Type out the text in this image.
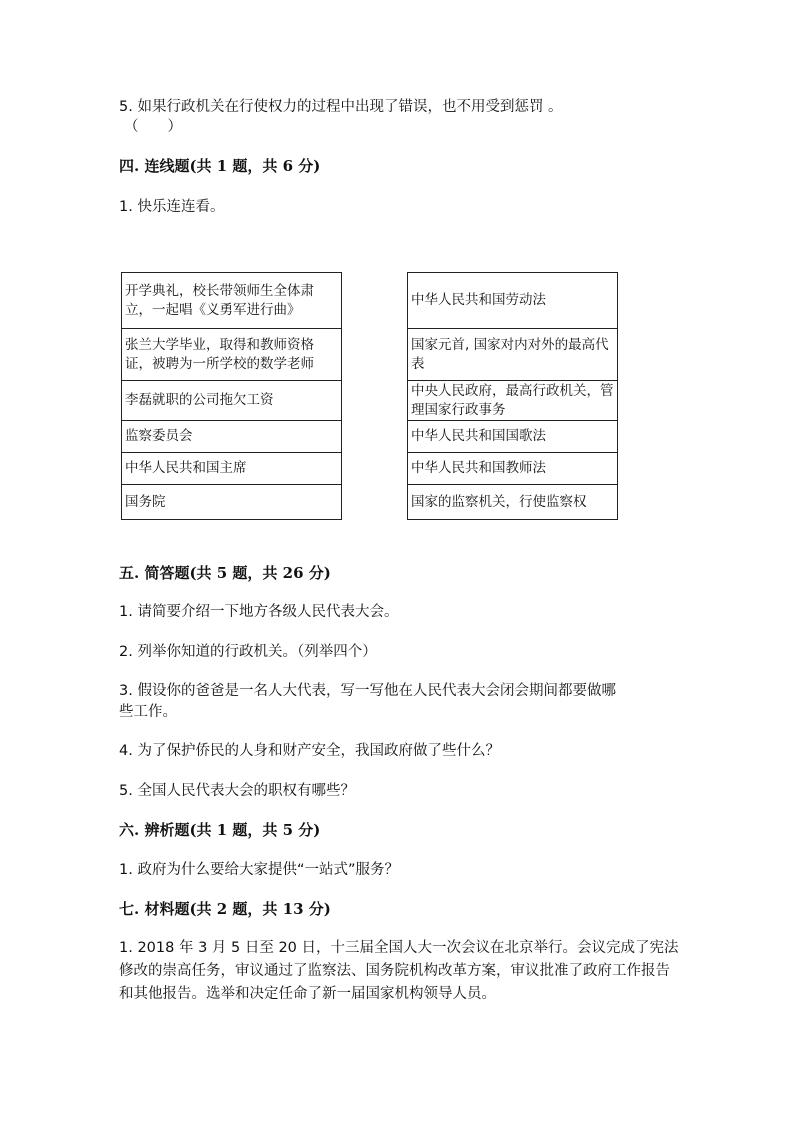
5. 如果行政机关在行使权力的过程中出现了错误，也不用受到惩罚 。
（　　）
四. 连线题(共 1 题，共 6 分)
1. 快乐连连看。
开学典礼，校长带领师生全体肃立，一起唱《义勇军进行曲》
张兰大学毕业，取得和教师资格证，被聘为一所学校的数学老师
李磊就职的公司拖欠工资
监察委员会
中华人民共和国主席
国务院
中华人民共和国劳动法
国家元首, 国家对内对外的最高代表
中央人民政府，最高行政机关，管理国家行政事务
中华人民共和国国歌法
中华人民共和国教师法
国家的监察机关，行使监察权
五. 简答题(共 5 题，共 26 分)
1. 请简要介绍一下地方各级人民代表大会。
2. 列举你知道的行政机关。（列举四个）
3. 假设你的爸爸是一名人大代表，写一写他在人民代表大会闭会期间都要做哪
些工作。
4. 为了保护侨民的人身和财产安全，我国政府做了些什么？
5. 全国人民代表大会的职权有哪些？
六. 辨析题(共 1 题，共 5 分)
1. 政府为什么要给大家提供“一站式”服务？
七. 材料题(共 2 题，共 13 分)
1. 2018 年 3 月 5 日至 20 日，十三届全国人大一次会议在北京举行。会议完成了宪法修改的崇高任务，审议通过了监察法、国务院机构改革方案，审议批准了政府工作报告和其他报告。选举和决定任命了新一届国家机构领导人员。
